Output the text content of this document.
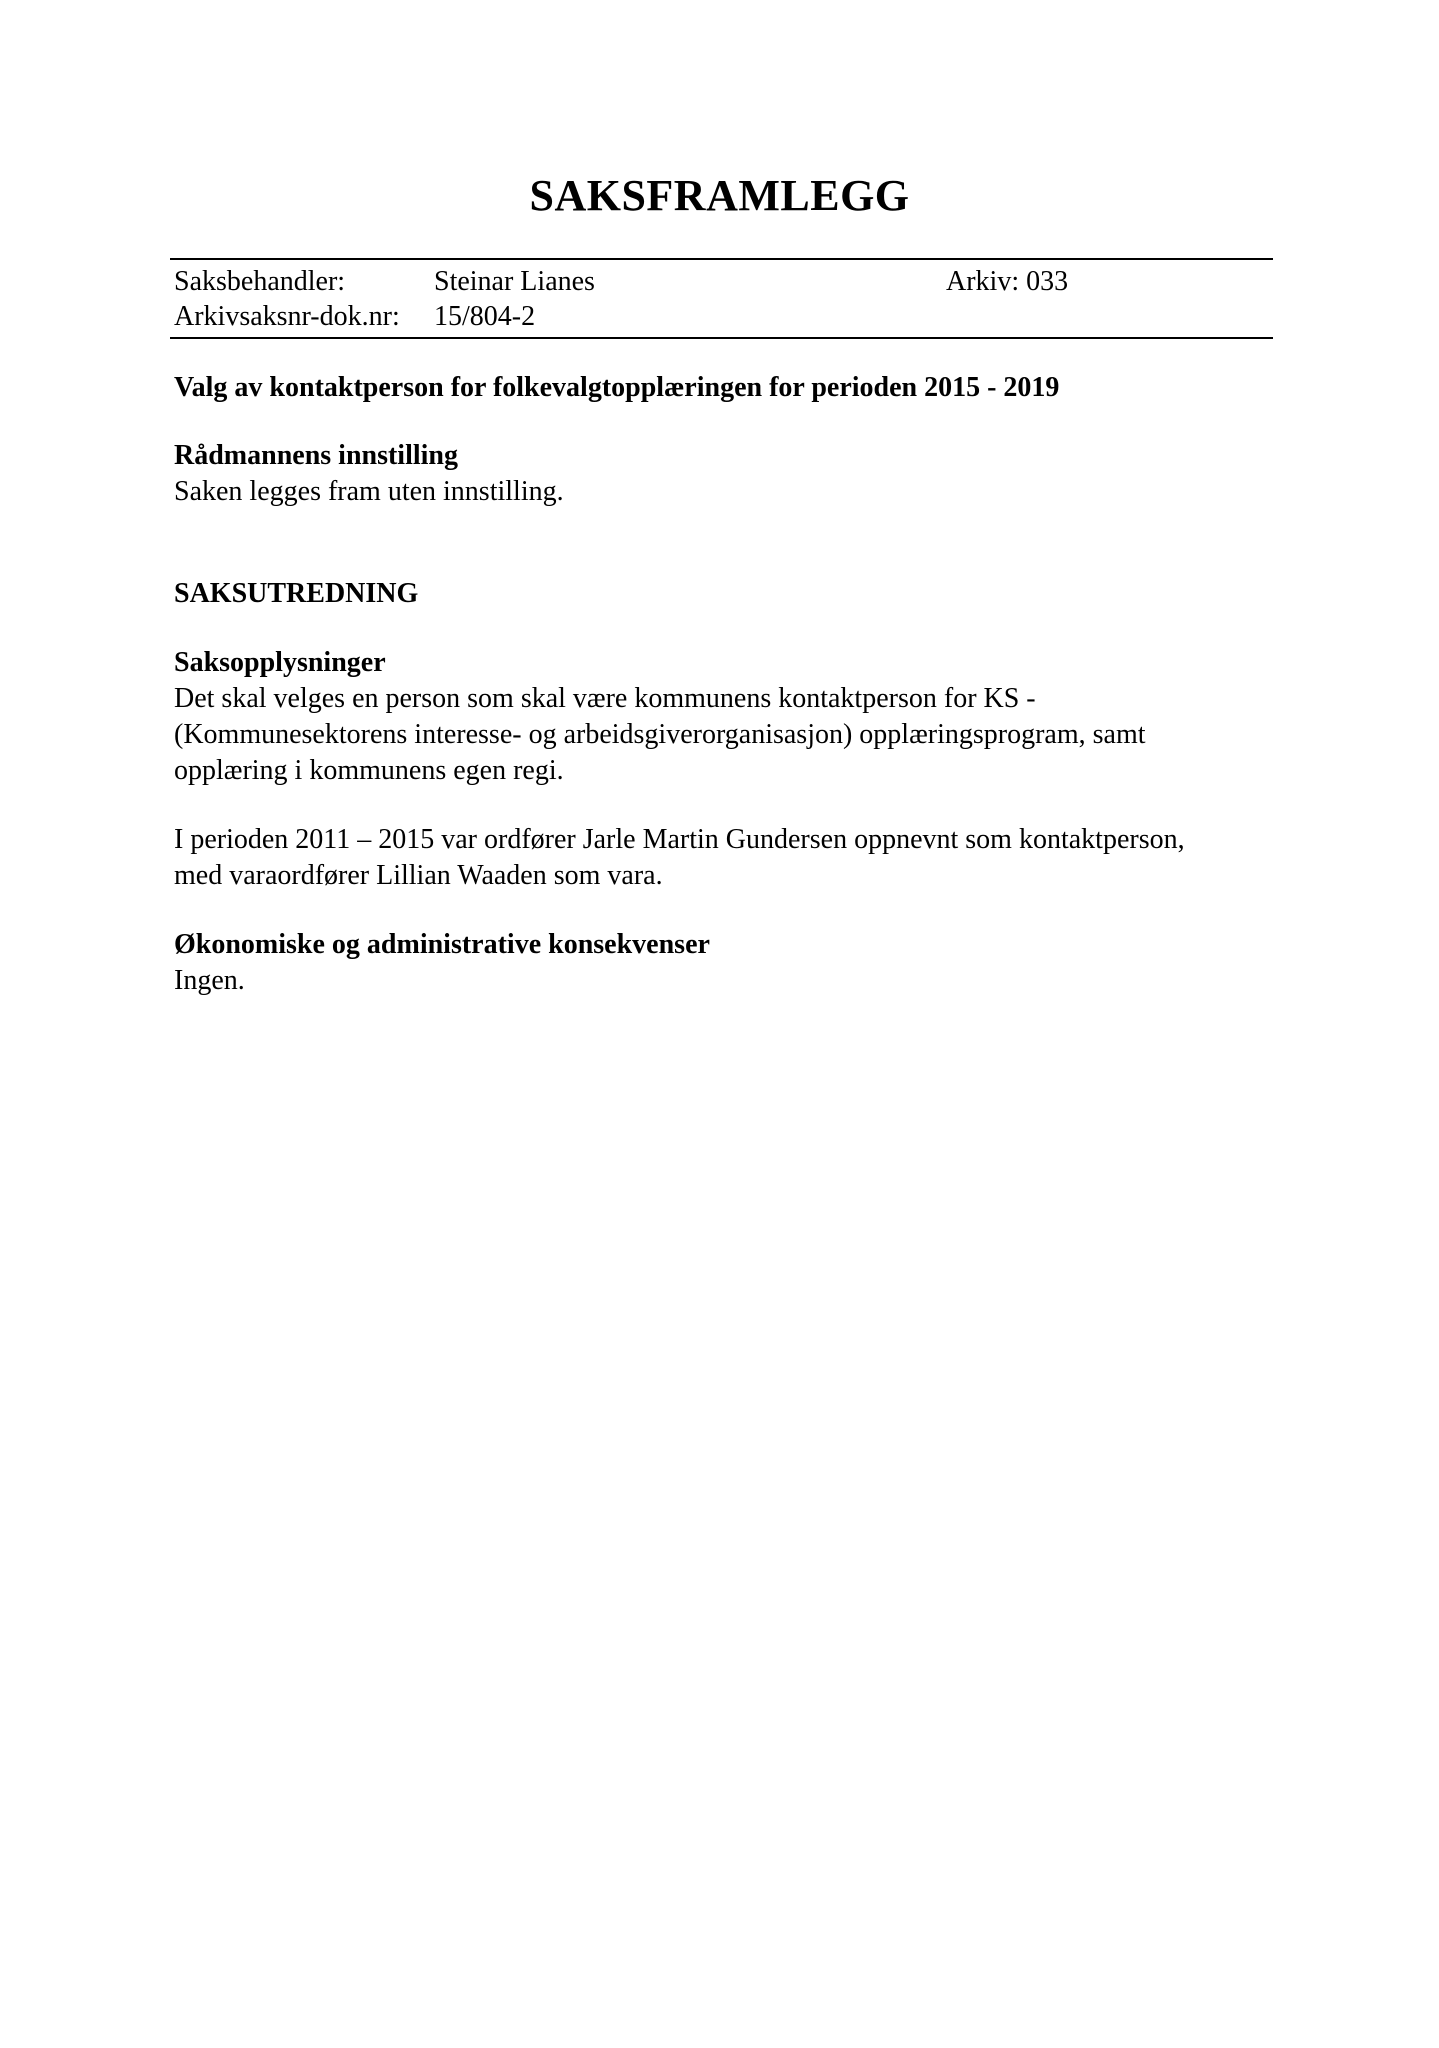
SAKSFRAMLEGG
Saksbehandler:	Steinar Lianes	Arkiv: 033
Arkivsaksnr-dok.nr: 15/804-2

Valg av kontaktperson for folkevalgtopplæringen for perioden 2015 - 2019

Rådmannens innstilling

Saken legges fram uten innstilling.

SAKSUTREDNING

Saksopplysninger

Det skal velges en person som skal være kommunens kontaktperson for KS -

(Kommunesektorens interesse- og arbeidsgiverorganisasjon) opplæringsprogram, samt

opplæring i kommunens egen regi.

I perioden 2011 – 2015 var ordfører Jarle Martin Gundersen oppnevnt som kontaktperson,

med varaordfører Lillian Waaden som vara.

Økonomiske og administrative konsekvenser

Ingen.
